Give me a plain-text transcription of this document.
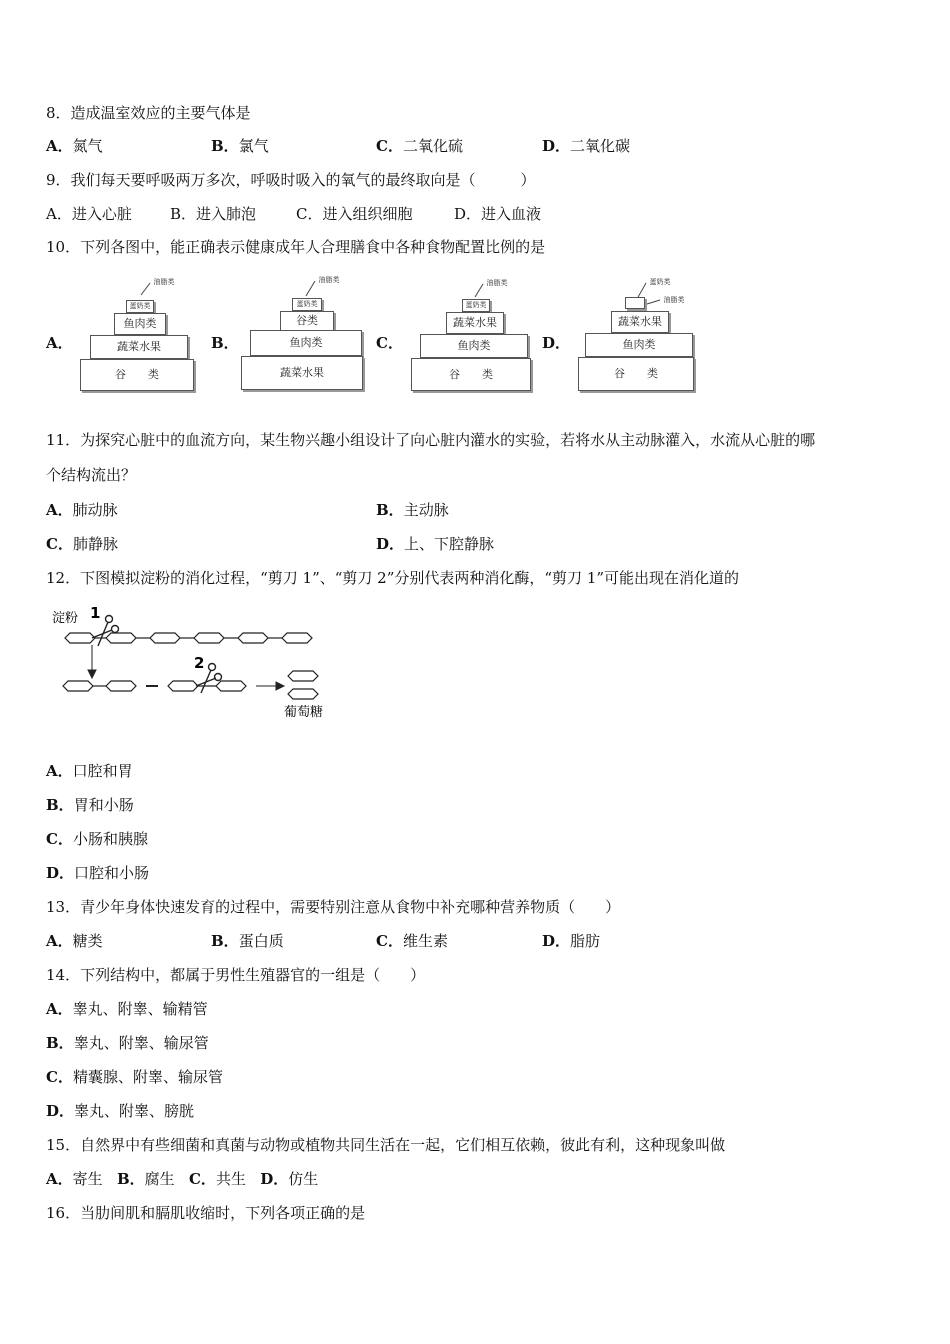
8．造成温室效应的主要气体是
A．氮气	B．氯气	C．二氧化硫	D．二氧化碳
9．我们每天要呼吸两万多次，呼吸时吸入的氧气的最终取向是（　　　）
A．进入心脏	B．进入肺泡	C．进入组织细胞	D．进入血液
10．下列各图中，能正确表示健康成年人合理膳食中各种食物配置比例的是
A．	B．	C．	D．
油脂类
蛋奶类
鱼肉类
蔬菜水果
谷　　类
油脂类
蛋奶类
谷类
鱼肉类
蔬菜水果
油脂类
蛋奶类
蔬菜水果
鱼肉类
谷　　类
蛋奶类
油脂类
蔬菜水果
鱼肉类
谷　　类
11．为探究心脏中的血流方向，某生物兴趣小组设计了向心脏内灌水的实验，若将水从主动脉灌入，水流从心脏的哪
个结构流出？
A．肺动脉	B．主动脉
C．肺静脉	D．上、下腔静脉
12．下图模拟淀粉的消化过程，“剪刀 1”、“剪刀 2”分别代表两种消化酶，“剪刀 1”可能出现在消化道的
淀粉 1
2
葡萄糖
A．口腔和胃
B．胃和小肠
C．小肠和胰腺
D．口腔和小肠
13．青少年身体快速发育的过程中，需要特别注意从食物中补充哪种营养物质（　　）
A．糖类	B．蛋白质	C．维生素	D．脂肪
14．下列结构中，都属于男性生殖器官的一组是（　　）
A．睾丸、附睾、输精管
B．睾丸、附睾、输尿管
C．精囊腺、附睾、输尿管
D．睾丸、附睾、膀胱
15．自然界中有些细菌和真菌与动物或植物共同生活在一起，它们相互依赖，彼此有利，这种现象叫做
A．寄生 B．腐生 C．共生 D．仿生
16．当肋间肌和膈肌收缩时，下列各项正确的是
